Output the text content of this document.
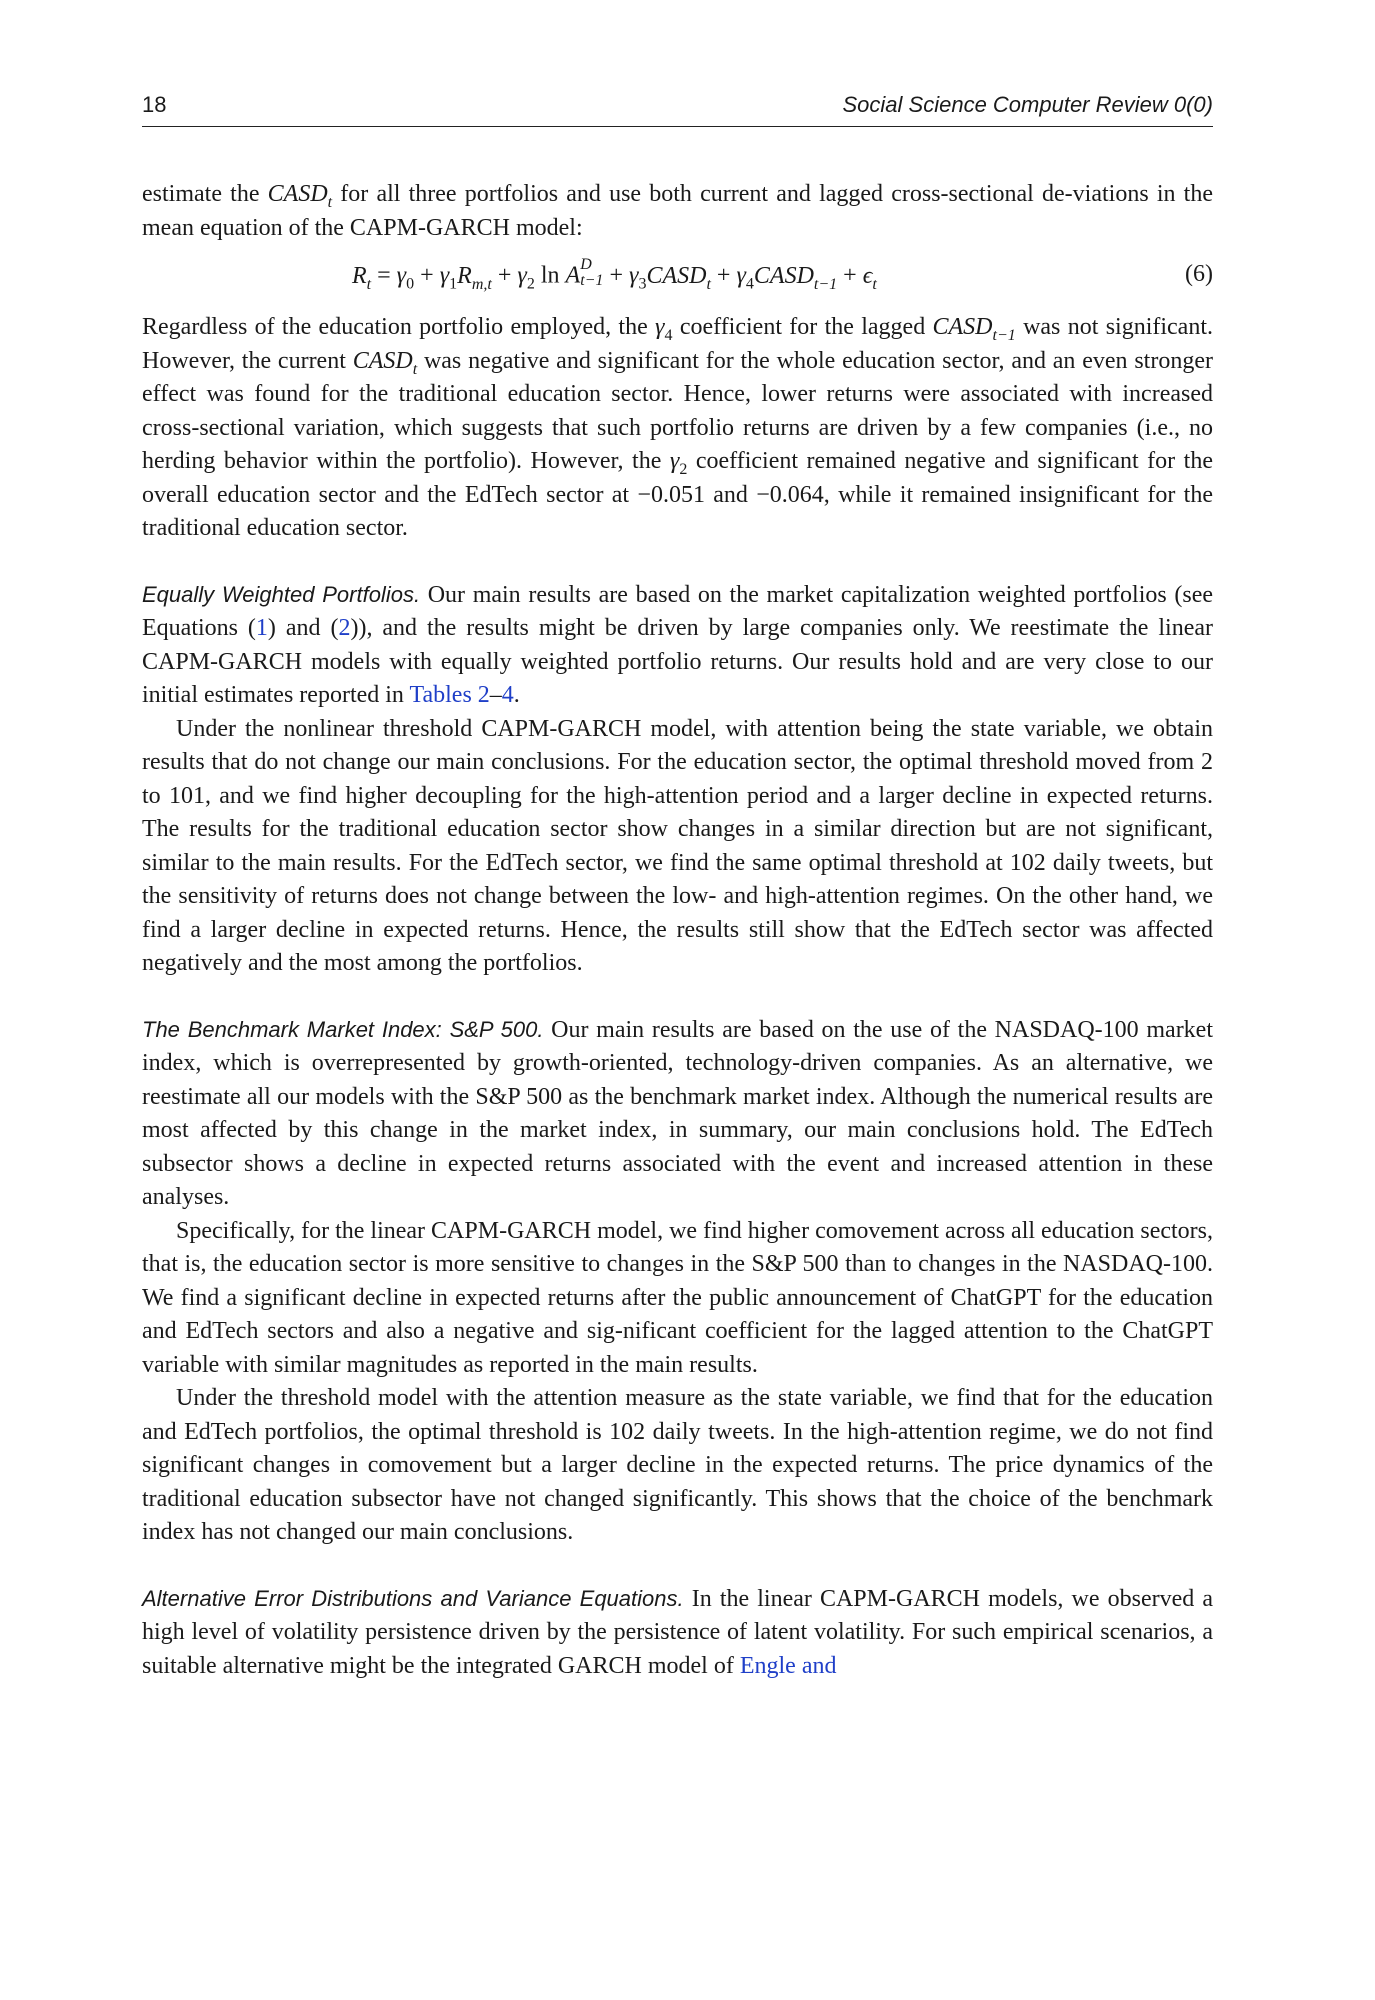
18	Social Science Computer Review 0(0)

estimate the $CASD_t$ for all three portfolios and use both current and lagged cross-sectional de-viations in the mean equation of the CAPM-GARCH model:

$R_t = \gamma_0 + \gamma_1R_{m,t} + \gamma_2$ ln A D
$t-1 + \gamma_3CASD_t$ + $\gamma_4CASD_{t-1} + \epsilon_t$	(6)

Regardless of the education portfolio employed, the $\gamma_4$ coefficient for the lagged $CASD_{t-1}$ was not significant. However, the current $CASD_t$ was negative and significant for the whole education sector, and an even stronger effect was found for the traditional education sector. Hence, lower returns were associated with increased cross-sectional variation, which suggests that such portfolio returns are driven by a few companies (i.e., no herding behavior within the portfolio). However, the $\gamma_2$ coefficient remained negative and significant for the overall education sector and the EdTech sector at −0.051 and −0.064, while it remained insignificant for the traditional education sector.

Equally Weighted Portfolios. Our main results are based on the market capitalization weighted portfolios (see Equations (1) and (2)), and the results might be driven by large companies only. We reestimate the linear CAPM-GARCH models with equally weighted portfolio returns. Our results hold and are very close to our initial estimates reported in Tables 2–4.

Under the nonlinear threshold CAPM-GARCH model, with attention being the state variable, we obtain results that do not change our main conclusions. For the education sector, the optimal threshold moved from 2 to 101, and we find higher decoupling for the high-attention period and a larger decline in expected returns. The results for the traditional education sector show changes in a similar direction but are not significant, similar to the main results. For the EdTech sector, we find the same optimal threshold at 102 daily tweets, but the sensitivity of returns does not change between the low- and high-attention regimes. On the other hand, we find a larger decline in expected returns. Hence, the results still show that the EdTech sector was affected negatively and the most among the portfolios.

The Benchmark Market Index: S&P 500. Our main results are based on the use of the NASDAQ-100 market index, which is overrepresented by growth-oriented, technology-driven companies. As an alternative, we reestimate all our models with the S&P 500 as the benchmark market index. Although the numerical results are most affected by this change in the market index, in summary, our main conclusions hold. The EdTech subsector shows a decline in expected returns associated with the event and increased attention in these analyses.

Specifically, for the linear CAPM-GARCH model, we find higher comovement across all education sectors, that is, the education sector is more sensitive to changes in the S&P 500 than to changes in the NASDAQ-100. We find a significant decline in expected returns after the public announcement of ChatGPT for the education and EdTech sectors and also a negative and sig-nificant coefficient for the lagged attention to the ChatGPT variable with similar magnitudes as reported in the main results.

Under the threshold model with the attention measure as the state variable, we find that for the education and EdTech portfolios, the optimal threshold is 102 daily tweets. In the high-attention regime, we do not find significant changes in comovement but a larger decline in the expected returns. The price dynamics of the traditional education subsector have not changed significantly. This shows that the choice of the benchmark index has not changed our main conclusions.

Alternative Error Distributions and Variance Equations. In the linear CAPM-GARCH models, we observed a high level of volatility persistence driven by the persistence of latent volatility. For such empirical scenarios, a suitable alternative might be the integrated GARCH model of Engle and
